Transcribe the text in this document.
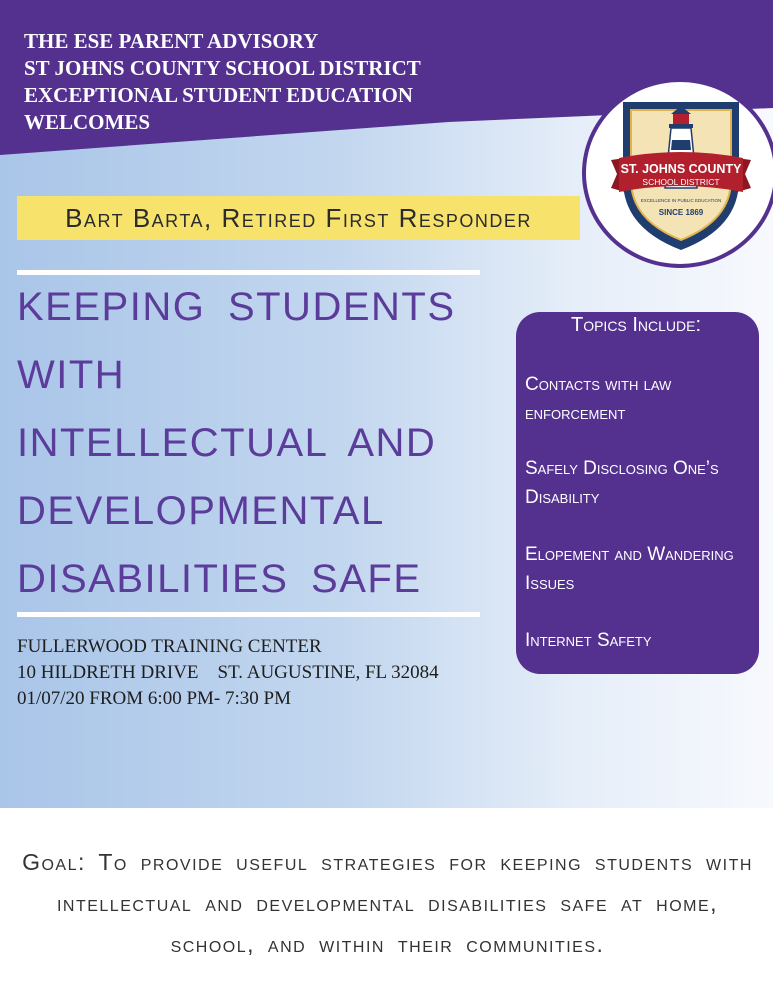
THE ESE PARENT ADVISORY
ST JOHNS COUNTY SCHOOL DISTRICT
EXCEPTIONAL STUDENT EDUCATION
WELCOMES
ST. JOHNS COUNTY
SCHOOL DISTRICT
EXCELLENCE IN PUBLIC EDUCATION
SINCE 1869
Bart Barta, Retired First Responder
KEEPING STUDENTS
WITH
INTELLECTUAL AND
DEVELOPMENTAL
DISABILITIES SAFE
FULLERWOOD TRAINING CENTER
10 HILDRETH DRIVE    ST. AUGUSTINE, FL 32084
01/07/20 FROM 6:00 PM- 7:30 PM
Topics Include:
Contacts with law enforcement
Safely Disclosing One’s Disability
Elopement and Wandering Issues
Internet Safety

Goal: To provide useful strategies for keeping students with intellectual and developmental disabilities safe at home, school, and within their communities.
